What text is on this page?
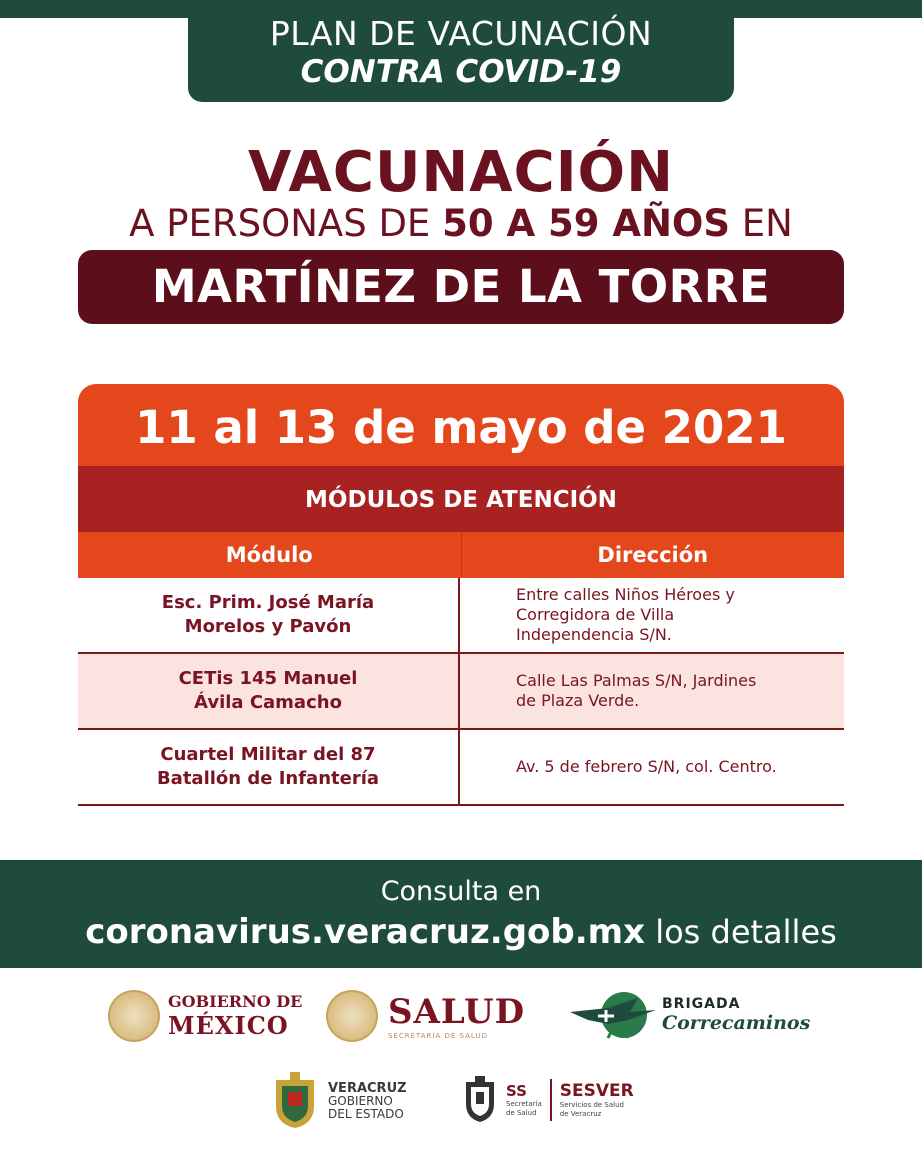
PLAN DE VACUNACIÓN
CONTRA COVID-19
VACUNACIÓN
A PERSONAS DE 50 A 59 AÑOS EN
MARTÍNEZ DE LA TORRE
11 al 13 de mayo de 2021
MÓDULOS DE ATENCIÓN
Módulo	Dirección
Esc. Prim. José María
Morelos y Pavón
Entre calles Niños Héroes y
Corregidora de Villa
Independencia S/N.
CETis 145 Manuel
Ávila Camacho
Calle Las Palmas S/N, Jardines
de Plaza Verde.
Cuartel Militar del 87
Batallón de Infantería
Av. 5 de febrero S/N, col. Centro.
Consulta en
coronavirus.veracruz.gob.mx los detalles
GOBIERNO DE
MÉXICO	SALUD
SECRETARÍA DE SALUD
BRIGADA
Correcaminos
VERACRUZ
GOBIERNO
DEL ESTADO
SS
Secretaría
de Salud
SESVER
Servicios de Salud
de Veracruz
